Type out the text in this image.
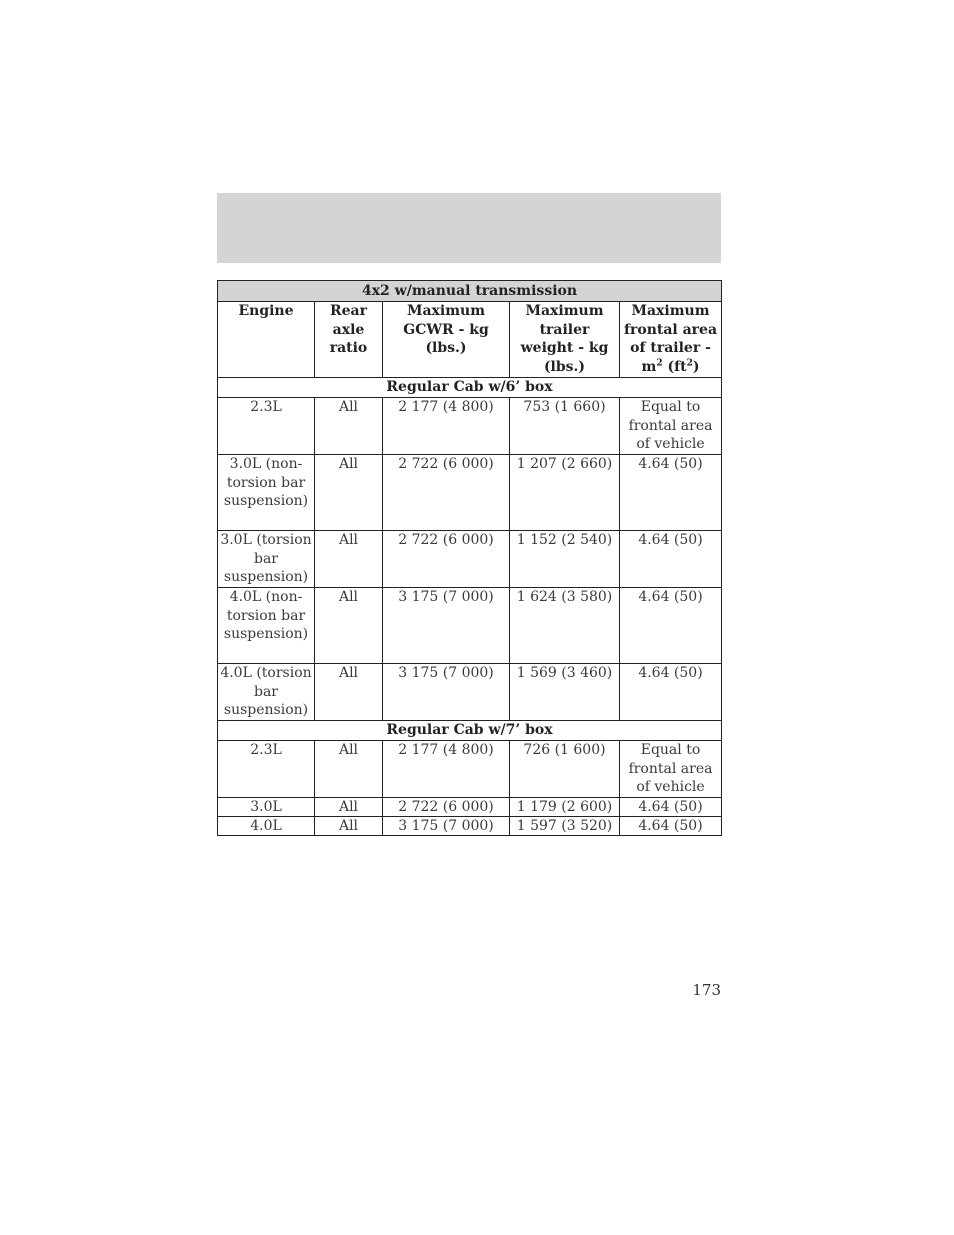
4x2 w/manual transmission				
Engine	Rear axle ratio	Maximum GCWR - kg (lbs.)	Maximum trailer weight - kg (lbs.)	Maximum frontal area of trailer - $m^2$ $(ft^2)$
Regular Cab w/6’ box				
2.3L	All	2 177 (4 800)	753 (1 660)	Equal to frontal area of vehicle
3.0L (non-torsion bar suspension)	All	2 722 (6 000)	1 207 (2 660)	4.64 (50)
3.0L (torsion bar suspension)	All	2 722 (6 000)	1 152 (2 540)	4.64 (50)
4.0L (non-torsion bar suspension)	All	3 175 (7 000)	1 624 (3 580)	4.64 (50)
4.0L (torsion bar suspension)	All	3 175 (7 000)	1 569 (3 460)	4.64 (50)
Regular Cab w/7’ box				
2.3L	All	2 177 (4 800)	726 (1 600)	Equal to frontal area of vehicle
3.0L	All	2 722 (6 000)	1 179 (2 600)	4.64 (50)
4.0L	All	3 175 (7 000)	1 597 (3 520)	4.64 (50)
173
